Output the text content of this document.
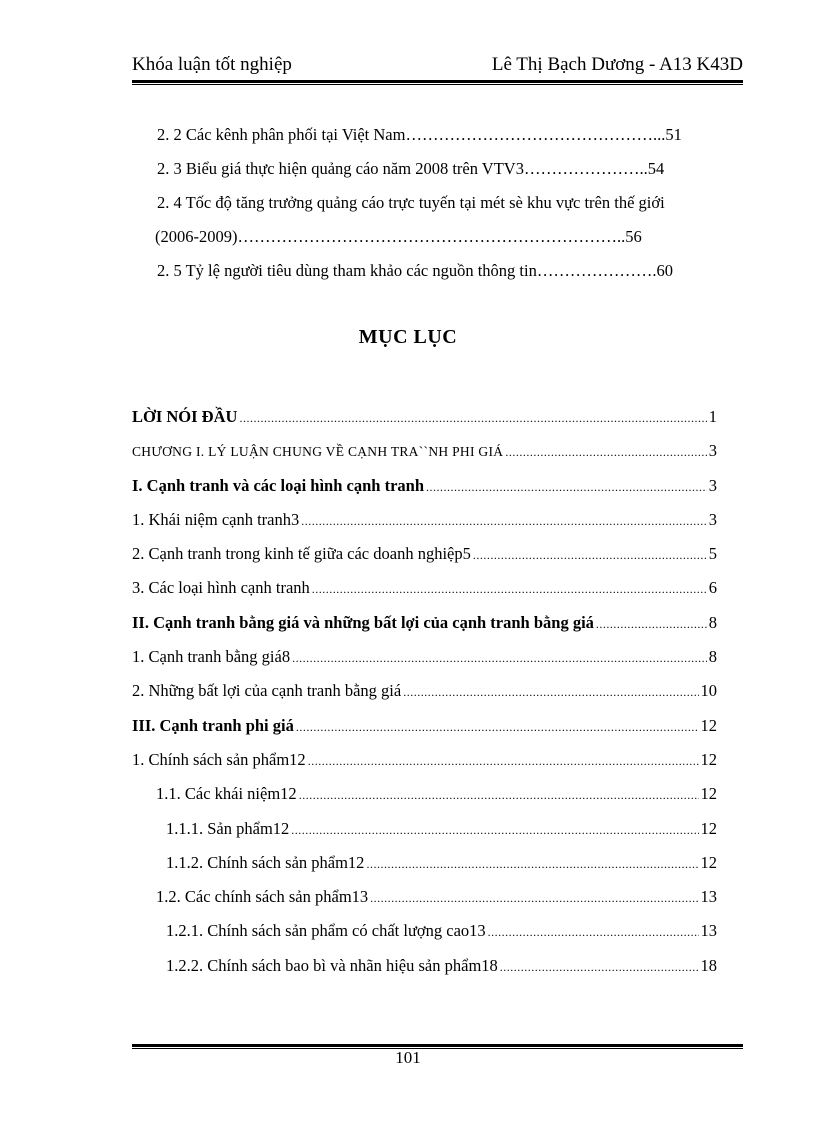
Khóa luận tốt nghiệp	Lê Thị Bạch Dương - A13 K43D
2. 2 Các kênh phân phối tại Việt Nam………………………………………...51
2. 3 Biểu giá thực hiện quảng cáo năm 2008 trên VTV3…………………..54
2. 4 Tốc độ tăng trưởng quảng cáo trực tuyến tại mét sè khu vực trên thế giới
(2006-2009)……………………………………………………………..56
2. 5 Tỷ lệ người tiêu dùng tham khảo các nguồn thông tin………………….60
MỤC LỤC
LỜI NÓI ĐẦU .....	1
CHƯƠNG I. LÝ LUẬN CHUNG VỀ CẠNH TRA``NH PHI GIÁ .....	3
I. Cạnh tranh và các loại hình cạnh tranh .....	3
1. Khái niệm cạnh tranh3 .....	3
2. Cạnh tranh trong kinh tế giữa các doanh nghiệp5 .....	5
3. Các loại hình cạnh tranh .....	6
II. Cạnh tranh bằng giá và những bất lợi của cạnh tranh bằng giá .....	8
1. Cạnh tranh bằng giá8 .....	8
2. Những bất lợi của cạnh tranh bằng giá .....	10
III. Cạnh tranh phi giá .....	12
1. Chính sách sản phẩm12 .....	12
1.1. Các khái niệm12 .....	12
1.1.1. Sản phẩm12 .....	12
1.1.2. Chính sách sản phẩm12 .....	12
1.2. Các chính sách sản phẩm13 .....	13
1.2.1. Chính sách sản phẩm có chất lượng cao13 .....	13
1.2.2. Chính sách bao bì và nhãn hiệu sản phẩm18 .....	18
101
